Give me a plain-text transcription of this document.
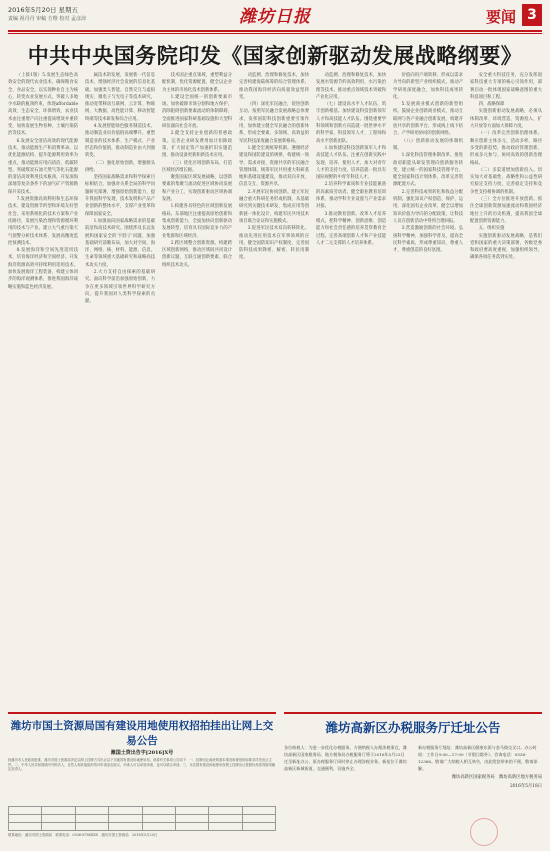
2016年5月20日 星期五
责编 祝丹丹 审稿 方维 校对 孟彦沛	潍坊日报	要闻 3
中共中央国务院印发《国家创新驱动发展战略纲要》

（上接1版）5.发展生态绿色高效安全的现代农业技术，确保粮食安全、食品安全。以实现种业自主为核心，转变农业发展方式，突破人多地少水缺的瓶颈约束，体现affordable高效、生态安全、环保增效，农业技术由注重增产向注重提质增效并重转变，加快发展生物育种、土壤污染防治等技术。

6.发展安全清洁高效的现代能源技术，推动能源生产和消费革命。以优化能源结构、提升能源利用效率为重点，推动能源应用向清洁、低碳转型。突破煤炭石油天然气等化石能源的清洁高效利用技术瓶颈，开发深海深地等复杂条件下的油气矿产资源勘探开采技术。

7.发展资源高效利用和生态环保技术，建设资源节约型和环境友好型社会。采用系统化的技术方案和产业化路径，发展污染治理和资源循环利用的技术与产业。建立大气重污染天气预警分析技术体系，发展高精度监控预测技术。

8.发展海洋和空间先进适用技术，培育海洋经济和空间经济。开发海洋资源高效可持续利用适用技术，加快发展海洋工程装备，构建立体同步的海洋观测体系，推进我国海洋战略实施和蓝色经济发展。

属技术的发展，发展新一代信息技术，增强经济社会发展的信息化基础。加强类人智能、自然交互与虚拟现实、微电子与光电子等技术研究，推动宽带移动互联网、云计算、物联网、大数据、高性能计算、移动智能终端等技术研发和综合应用。

4.发展智能绿色服务制造技术，推动制造业向价值链高端攀升。重塑制造业的技术体系、生产模式、产业形态和价值链，推动制造业由大到强转变。

（二）强化原始创新，增强源头供给。

坚持国家战略需求和科学探索目标相结合，加强对关系全局的科学问题研究部署，增强原始创新能力，提升我国科学发现、技术发明和产品产业创新的整体水平，支撑产业变革和保障国家安全。

1.加强面向国家战略需求的基础前沿和高技术研究。围绕涉及长远发展和国家安全的'卡脖子'问题，加强基础研究前瞻布局，加大对空间、海洋、网络、核、材料、能源、信息、生命等领域重大基础研究和战略高技术攻关力度。

2.大力支持自由探索的基础研究。面向科学前沿加强原始创新，力争在更多领域引领世界科学研究方向，提升我国对人类科学探索的贡献。

技术国企重点领域，重塑利益分配机制，优化资源配置，健全以企业为主体的市场化技术创新体系。

1.建设全国统一的创新要素市场。加快破除市场分割和地方保护，消除阻碍创新要素流动的体制障碍，全面推进国家科研基础设施和大型科研仪器向社会开放。

2.健全支持企业创新的普惠政策。完善企业研发费用加计扣除政策，扩大固定资产加速折旧实施范围，推动设备更新和新技术应用。

（三）优化区域创新布局，打造区域经济增长极。

聚焦国家区域发展战略，以创新要素的集聚与流动促进区域协同发展和产业分工，实现创新驱动区域协调发展。

1.构建各具特色的区域创新发展格局。东部地区注重提高原始创新和集成创新能力，全面加快向创新驱动发展转型，培育具有国际竞争力的产业集群和区域经济。

2.跨区域整合创新资源。构建跨区域创新网络，推动区域间共同设计创新议题、互联互通创新要素、联合组织技术攻关。

动监测、治理和修复技术，加快完善构建海陆统筹的综合管理体系，推动我国海洋经济向质量效益型转变。

（四）深化军民融合，促进创新互动。按照军民融合发展战略总体要求，发挥国防科技创新重要引领作用，加快建立健全军民融合的创新体系，形成全要素、多领域、高效益的军民科技深度融合发展新格局。

1.健全宏观统筹机制。遵循经济建设和国防建设的规律，构建统一领导、需求对接、资源共享的军民融合管理体制。统筹军民共用重大科研基地和基础设施建设，推动双向开放、信息交互、资源共享。

2.开展军民协同创新。建立军民融合重大科研任务形成机制，从基础研究到关键技术研发、集成应用等创新链一体化设计，构建军民共用技术项目联合论证和实施模式。

3.促进军民技术双向转移转化。推动先进民用技术在军事领域的应用，健全国防知识产权制度，完善国防科技成果降密、解密、转民用制度。

动监测、治理和修复技术，加快发展水资源节约高效利用、水污染治理等技术，推动重点领域技术突破和产业化应用。

（七）建设高水平人才队伍，筑牢创新根基。加快建设科技创新领军人才和高技能人才队伍。围绕重要学科领域和创新方向造就一批世界水平的科学家、科技领军人才、工程师和高水平创新团队。

1.加快建设科技创新领军人才和高技能人才队伍。注重在创新实践中发现、培养、使用人才，加大对青年人才的支持力度，培养造就一批具有国际视野的中青年科技人才。

2.培养科学素质和专业技能兼备的高素质劳动者。健全职业教育培训体系，推动学科专业设置与产业需求对接。

3.推动教育创新。改革人才培养模式，把科学精神、创新思维、创造能力和社会责任感的培养贯穿教育全过程。完善高端创新人才和产业技能人才二元支撑的人才培养体系。

价值向用户端转移，形成以需求为导向的新型产业组织模式，推动产学研用深度融合，加快科技成果转化。

5.发展商业模式创新的新型组织。鼓励企业创新商业模式，推动互联网与各产业融合创新发展，构建开放共享的创新平台，形成线上线下结合、产学研用协同的创新网络。

（八）创新驱动发展的体制机制。

1.深化科技管理体制改革。推进政府职能从研发管理向创新服务转变，建立统一的国家科技管理平台，健全国家科技计划体系，改革完善资源配置方式。

2.完善科技成果转化和收益分配机制。强化知识产权创造、保护、运用，深化国有企业改革，健全以增加知识价值为导向的分配政策，让科技人员在创新活动中得到合理回报。

3.营造激励创新的社会环境。弘扬科学精神，加强科学普及，提高全民科学素质，形成尊重知识、尊重人才、尊重创造的良好氛围。

安全重大科技任务，充分发挥国家科技重大专项的核心引领作用，部署启动一批体现国家战略意图的重大科技项目和工程。

四、战略保障

实施创新驱动发展战略，必须从体制改革、环境营造、资源投入、扩大开放等方面加大保障力度。

（一）改革完善创新治理体系。顺应创新主体多元、活动多样、路径多变的新趋势，推动政府管理创新，形成多元参与、协同高效的创新治理格局。

（二）多渠道增加创新投入。切实加大对基础性、战略性和公益性研究稳定支持力度，完善稳定支持和竞争性支持相协调的机制。

（三）全方位推进开放创新。抓住全球创新资源加速流动和我国经济地位上升的历史机遇，提高我国全球配置创新资源能力。

五、组织实施

实施创新驱动发展战略，是我们党和国家的重大决策部署，各级党委和政府要高度重视，加强组织领导，确保各项任务落到实处。

潍坊市国土资源局国有建设用地使用权招拍挂出让网上交易公告
潍国土资出告字[2016]X号
经潍坊市人民政府批准，潍坊市国土资源局决定以网上挂牌方式出让以下宗地国有建设用地使用权。现将有关事项公告如下：一、挂牌出让地块的基本情况和规划指标要求详见出让文件。二、中华人民共和国境内外的法人、自然人和其他组织均可申请参加竞买，申请人可以单独申请，也可以联合申请。三、本次国有建设用地使用权网上挂牌出让按照价高者得原则确定竞得人。

联系地址：潍坊市国土资源局　联系电话：0536-8788XXX　潍坊市国土资源局　2016年5月20日
潍坊高新区办税服务厅迁址公告
各位纳税人：为进一步优化办税服务，方便纳税人办理涉税事宜，潍坊高新区国家税务局、地方税务局办税服务厅将于2016年5月23日迁至新址办公，原办税服务厅同时停止办理涉税业务。新址位于潍坊高新区新城街道，交通便利，设施齐全。
新办税服务厅地址：潍坊高新区健康东街与金马路交叉口。办公时间：工作日9:00—17:00（节假日除外）。咨询电话：0536-12366。敬请广大纳税人相互转告，由此给您带来的不便，敬请谅解。
潍坊高新区国家税务局　潍坊高新区地方税务局
2016年5月18日
